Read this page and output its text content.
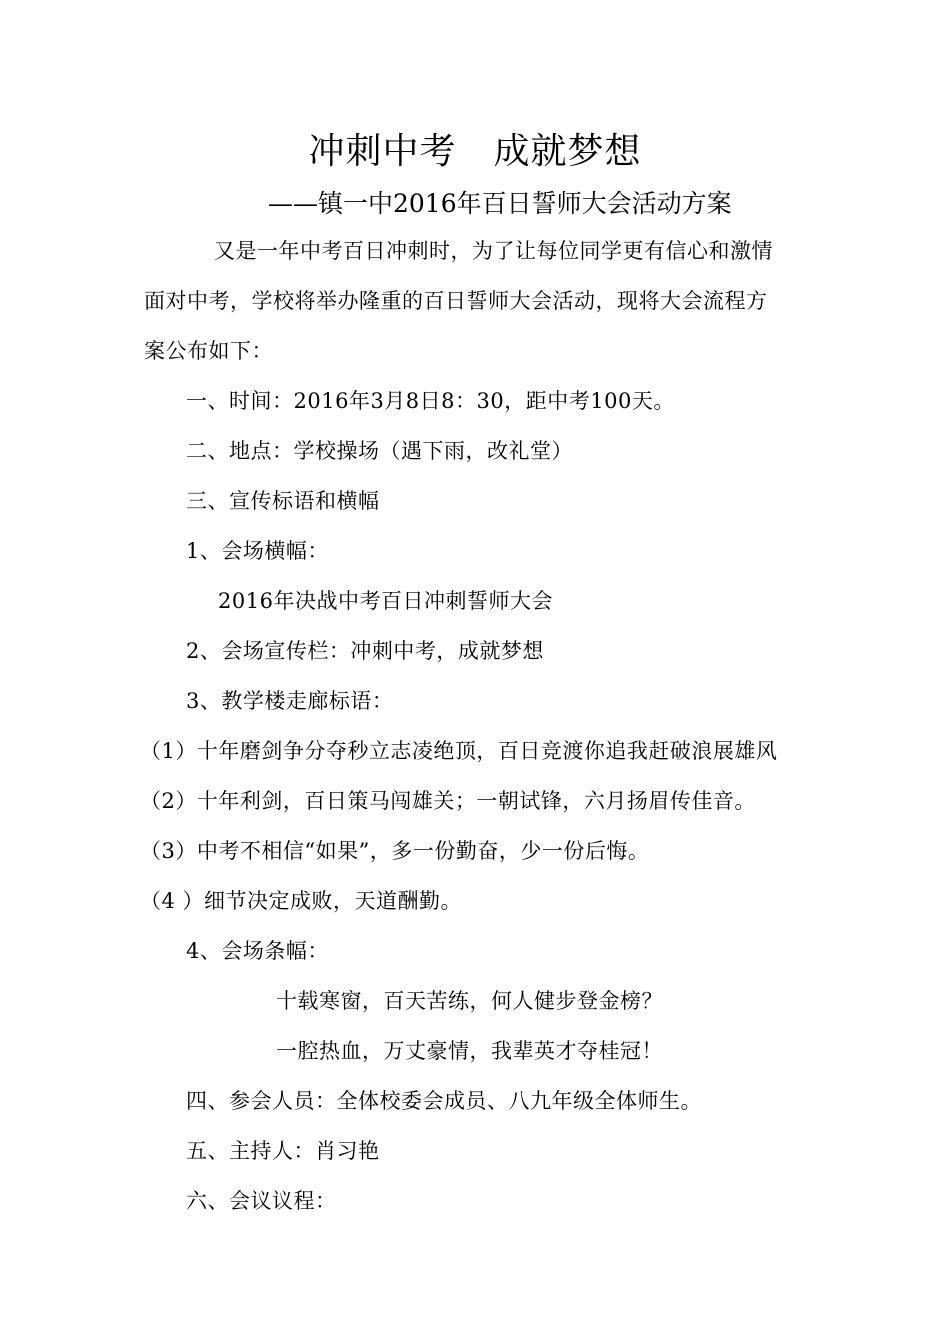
冲刺中考　成就梦想
——镇一中2016年百日誓师大会活动方案
又是一年中考百日冲刺时，为了让每位同学更有信心和激情
面对中考，学校将举办隆重的百日誓师大会活动，现将大会流程方
案公布如下：
一、时间：2016年3月8日8：30，距中考100天。
二、地点：学校操场（遇下雨，改礼堂）
三、宣传标语和横幅
1、会场横幅：
2016年决战中考百日冲刺誓师大会
2、会场宣传栏：冲刺中考，成就梦想
3、教学楼走廊标语：
（1）十年磨剑争分夺秒立志凌绝顶，百日竞渡你追我赶破浪展雄风
（2）十年利剑，百日策马闯雄关；一朝试锋，六月扬眉传佳音。
（3）中考不相信“如果”，多一份勤奋，少一份后悔。
（4 ）细节决定成败，天道酬勤。
4、会场条幅：
十载寒窗，百天苦练，何人健步登金榜？
一腔热血，万丈豪情，我辈英才夺桂冠！
四、参会人员：全体校委会成员、八九年级全体师生。
五、主持人：肖习艳
六、会议议程：
